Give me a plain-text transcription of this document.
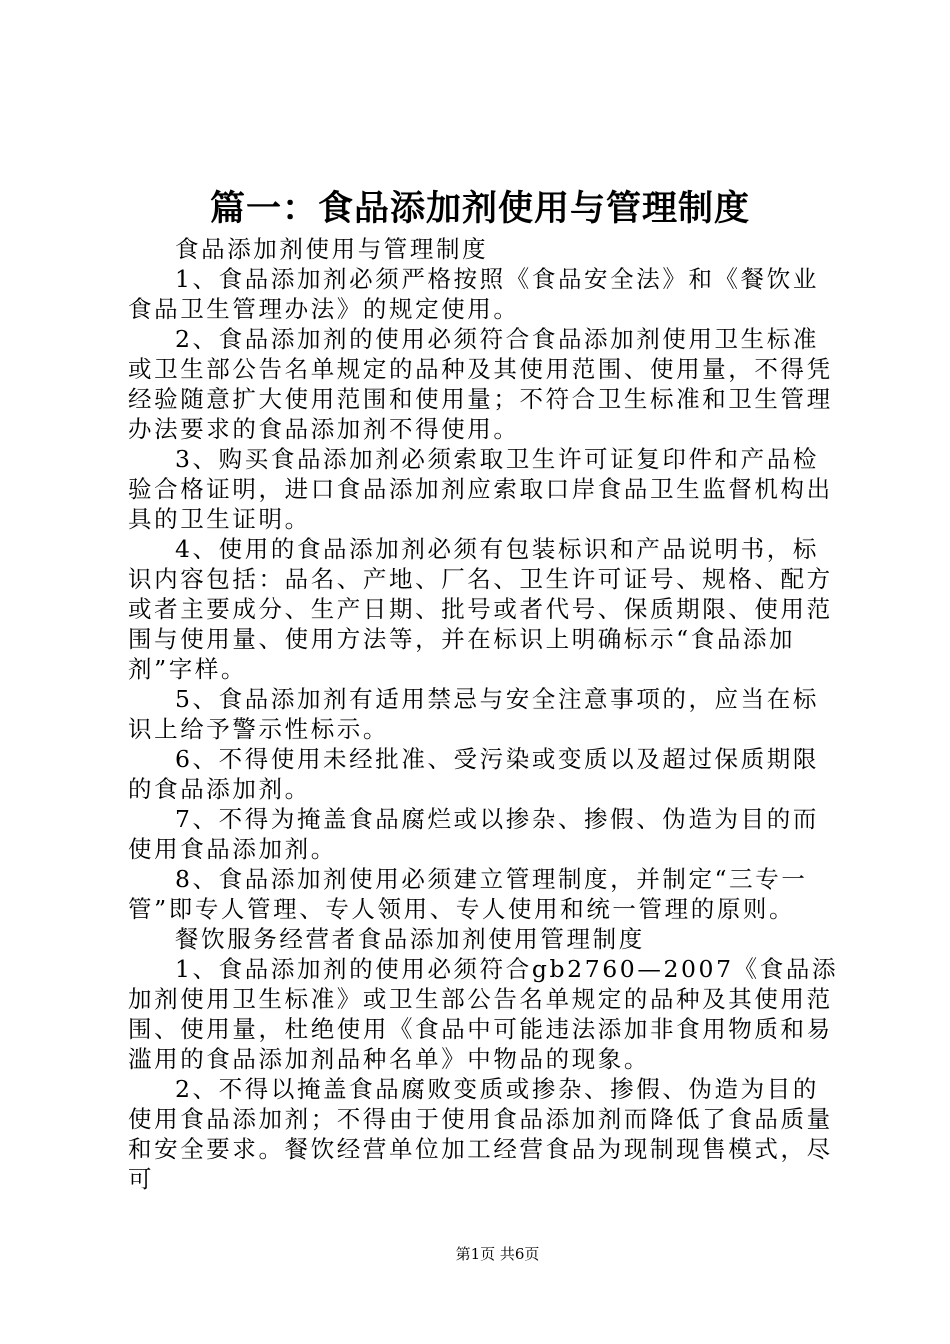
篇一：食品添加剂使用与管理制度

食品添加剂使用与管理制度

1、食品添加剂必须严格按照《食品安全法》和《餐饮业食品卫生管理办法》的规定使用。

2、食品添加剂的使用必须符合食品添加剂使用卫生标准或卫生部公告名单规定的品种及其使用范围、使用量，不得凭经验随意扩大使用范围和使用量；不符合卫生标准和卫生管理办法要求的食品添加剂不得使用。

3、购买食品添加剂必须索取卫生许可证复印件和产品检验合格证明，进口食品添加剂应索取口岸食品卫生监督机构出具的卫生证明。

4、使用的食品添加剂必须有包装标识和产品说明书，标识内容包括：品名、产地、厂名、卫生许可证号、规格、配方或者主要成分、生产日期、批号或者代号、保质期限、使用范围与使用量、使用方法等，并在标识上明确标示“食品添加剂”字样。

5、食品添加剂有适用禁忌与安全注意事项的，应当在标识上给予警示性标示。

6、不得使用未经批准、受污染或变质以及超过保质期限的食品添加剂。

7、不得为掩盖食品腐烂或以掺杂、掺假、伪造为目的而使用食品添加剂。

8、食品添加剂使用必须建立管理制度，并制定“三专一管”即专人管理、专人领用、专人使用和统一管理的原则。

餐饮服务经营者食品添加剂使用管理制度

1、食品添加剂的使用必须符合gb2760—2007《食品添加剂使用卫生标准》或卫生部公告名单规定的品种及其使用范围、使用量，杜绝使用《食品中可能违法添加非食用物质和易滥用的食品添加剂品种名单》中物品的现象。

2、不得以掩盖食品腐败变质或掺杂、掺假、伪造为目的使用食品添加剂；不得由于使用食品添加剂而降低了食品质量和安全要求。餐饮经营单位加工经营食品为现制现售模式，尽可

第1页 共6页
